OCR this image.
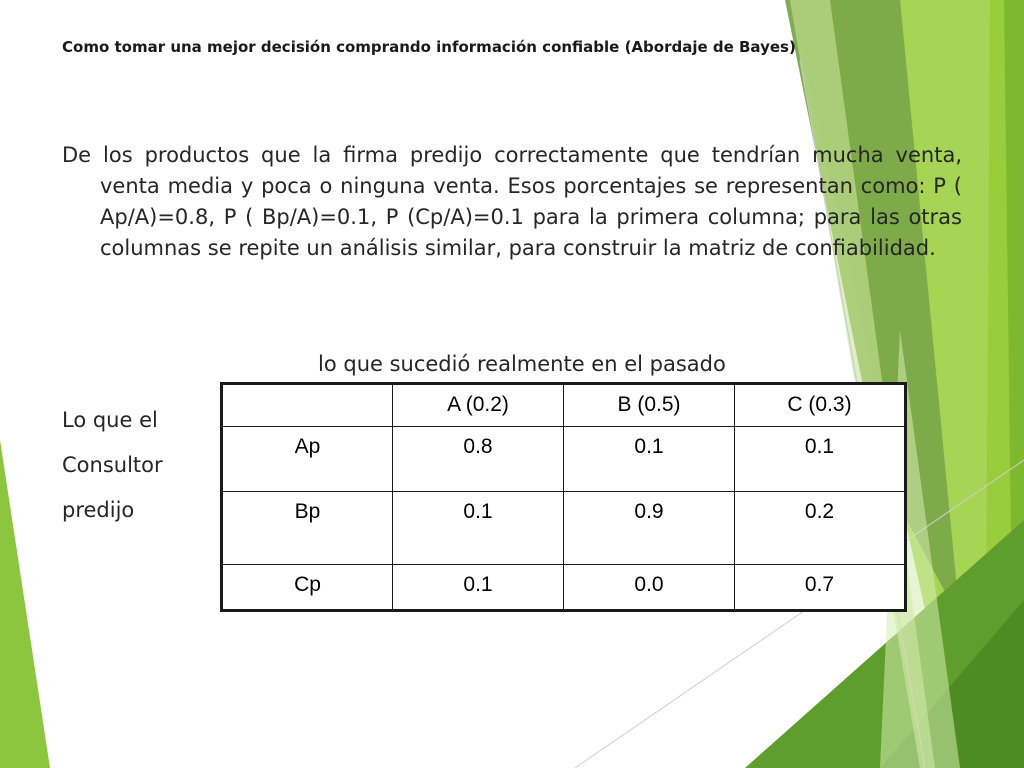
Como tomar una mejor decisión comprando información confiable (Abordaje de Bayes)
De los productos que la firma predijo correctamente que tendrían mucha venta, venta media y poca o ninguna venta. Esos porcentajes se representan como: P ( Ap/A)=0.8, P ( Bp/A)=0.1, P (Cp/A)=0.1 para la primera columna; para las otras columnas se repite un análisis similar, para construir la matriz de confiabilidad.
lo que sucedió realmente en el pasado
Lo que el
Consultor
predijo
	A (0.2)	B (0.5)	C (0.3)
Ap	0.8	0.1	0.1
Bp	0.1	0.9	0.2
Cp	0.1	0.0	0.7
